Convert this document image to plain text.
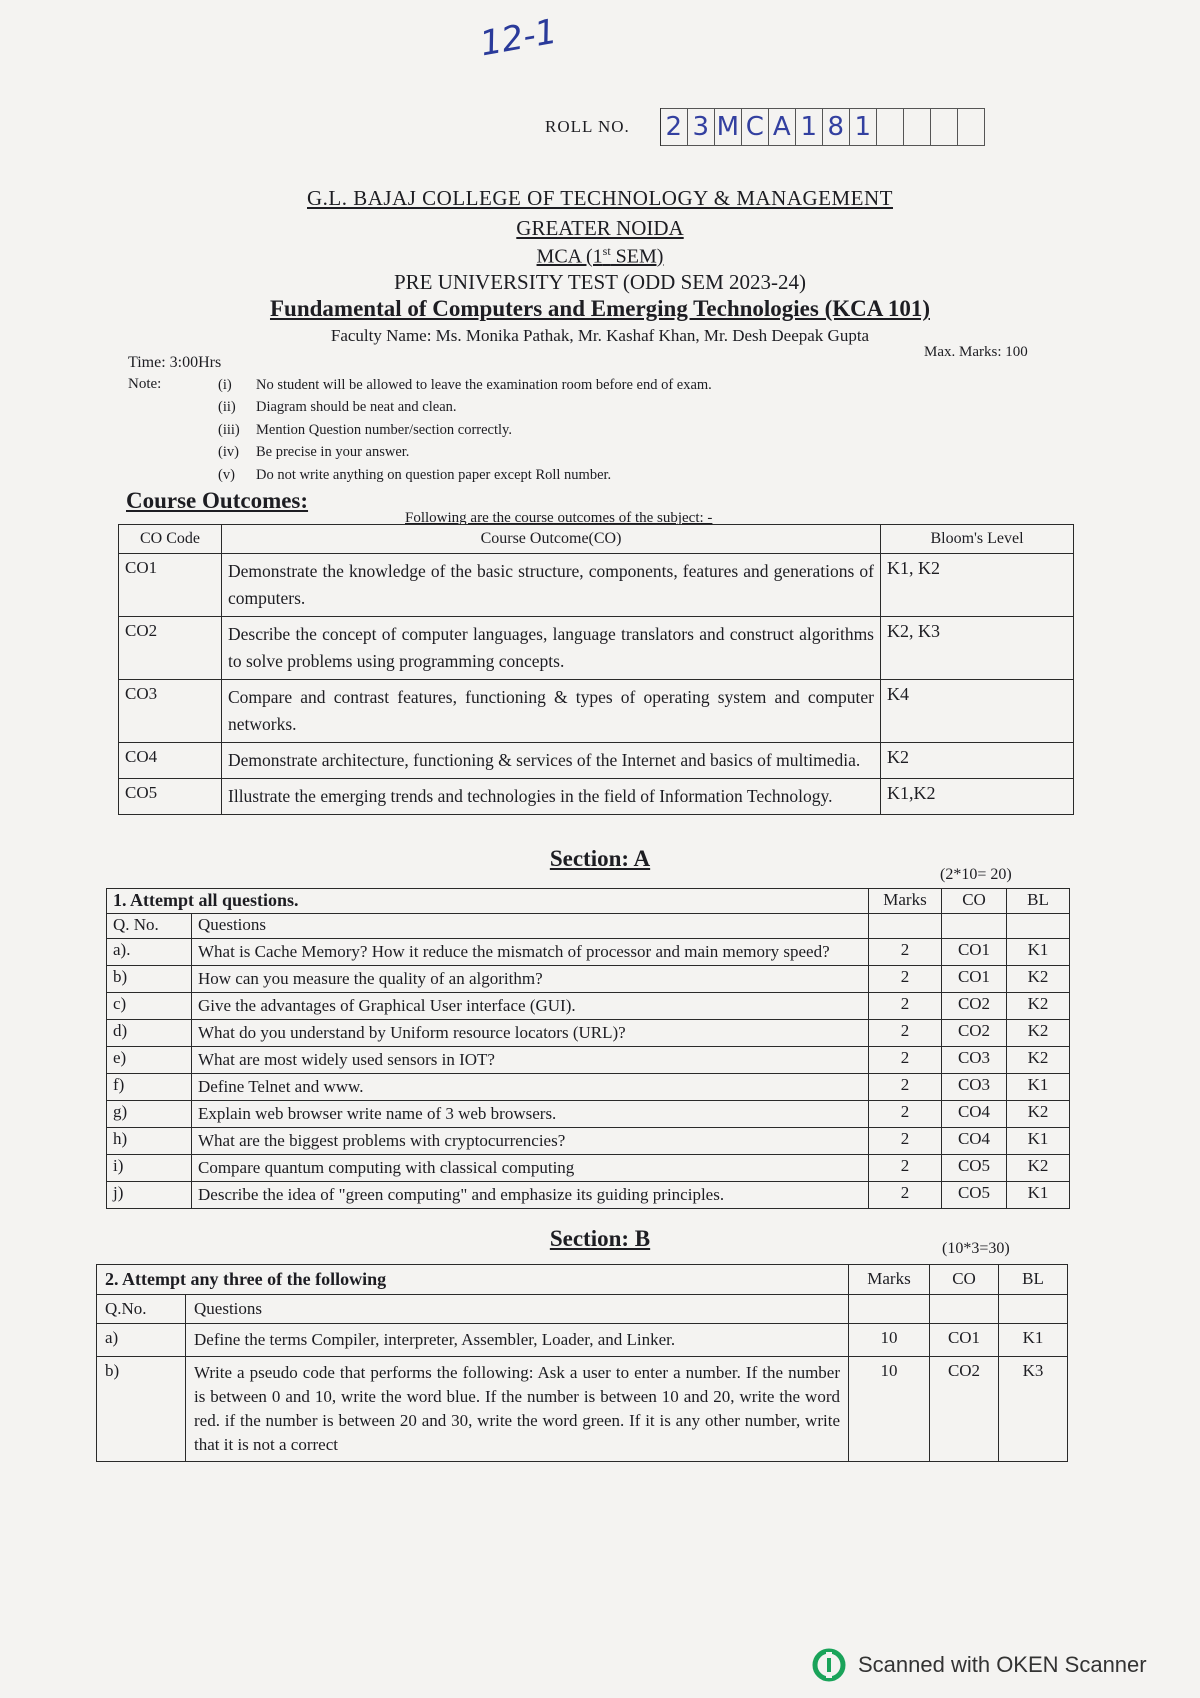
12-1
ROLL NO. 2 3 M C A 1 8 1
G.L. BAJAJ COLLEGE OF TECHNOLOGY & MANAGEMENT
GREATER NOIDA
MCA (1st SEM)
PRE UNIVERSITY TEST (ODD SEM 2023-24)
Fundamental of Computers and Emerging Technologies (KCA 101)
Faculty Name: Ms. Monika Pathak, Mr. Kashaf Khan, Mr. Desh Deepak Gupta
Time: 3:00Hrs
Max. Marks: 100
Note:	(i)	No student will be allowed to leave the examination room before end of exam.
(ii)	Diagram should be neat and clean.
(iii)	Mention Question number/section correctly.
(iv)	Be precise in your answer.
(v)	Do not write anything on question paper except Roll number.
Course Outcomes:
Following are the course outcomes of the subject: -
CO Code	Course Outcome(CO)	Bloom's Level
CO1	Demonstrate the knowledge of the basic structure, components, features and generations of computers.	K1, K2
CO2	Describe the concept of computer languages, language translators and construct algorithms to solve problems using programming concepts.	K2, K3
CO3	Compare and contrast features, functioning & types of operating system and computer networks.	K4
CO4	Demonstrate architecture, functioning & services of the Internet and basics of multimedia.	K2
CO5	Illustrate the emerging trends and technologies in the field of Information Technology.	K1,K2
Section: A
(2*10= 20)
1. Attempt all questions.		Marks	CO	BL
Q. No.	Questions			
a).	What is Cache Memory? How it reduce the mismatch of processor and main memory speed?	2	CO1	K1
b)	How can you measure the quality of an algorithm?	2	CO1	K2
c)	Give the advantages of Graphical User interface (GUI).	2	CO2	K2
d)	What do you understand by Uniform resource locators (URL)?	2	CO2	K2
e)	What are most widely used sensors in IOT?	2	CO3	K2
f)	Define Telnet and www.	2	CO3	K1
g)	Explain web browser write name of 3 web browsers.	2	CO4	K2
h)	What are the biggest problems with cryptocurrencies?	2	CO4	K1
i)	Compare quantum computing with classical computing	2	CO5	K2
j)	Describe the idea of "green computing" and emphasize its guiding principles.	2	CO5	K1
Section: B	(10*3=30)
2. Attempt any three of the following		Marks	CO	BL
Q.No.	Questions			
a)	Define the terms Compiler, interpreter, Assembler, Loader, and Linker.	10	CO1	K1
b)	Write a pseudo code that performs the following: Ask a user to enter a number. If the number is between 0 and 10, write the word blue. If the number is between 10 and 20, write the word red. if the number is between 20 and 30, write the word green. If it is any other number, write that it is not a correct	10	CO2	K3
Scanned with OKEN Scanner
